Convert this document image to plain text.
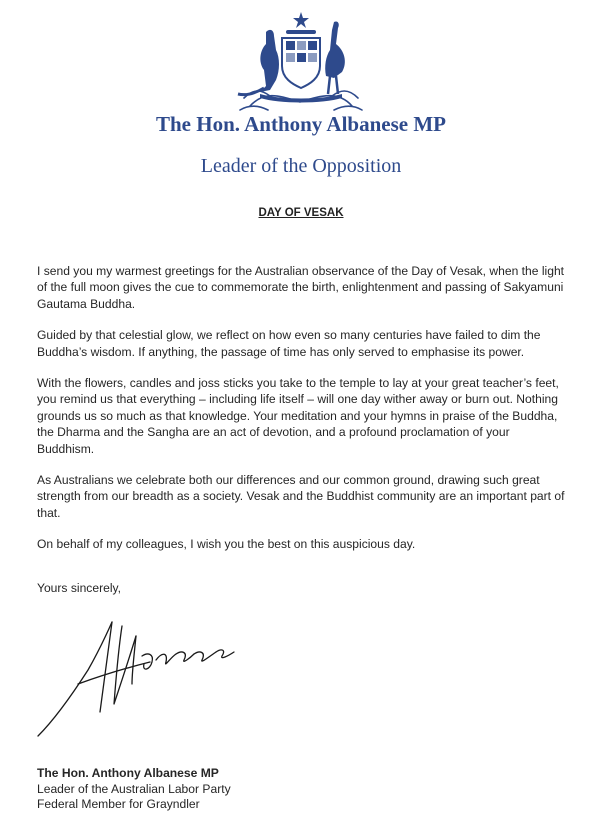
The Hon. Anthony Albanese MP
Leader of the Opposition
DAY OF VESAK

I send you my warmest greetings for the Australian observance of the Day of Vesak, when the light of the full moon gives the cue to commemorate the birth, enlightenment and passing of Sakyamuni Gautama Buddha.

Guided by that celestial glow, we reflect on how even so many centuries have failed to dim the Buddha’s wisdom. If anything, the passage of time has only served to emphasise its power.

With the flowers, candles and joss sticks you take to the temple to lay at your great teacher’s feet, you remind us that everything – including life itself – will one day wither away or burn out. Nothing grounds us so much as that knowledge. Your meditation and your hymns in praise of the Buddha, the Dharma and the Sangha are an act of devotion, and a profound proclamation of your Buddhism.

As Australians we celebrate both our differences and our common ground, drawing such great strength from our breadth as a society. Vesak and the Buddhist community are an important part of that.

On behalf of my colleagues, I wish you the best on this auspicious day.

Yours sincerely,
The Hon. Anthony Albanese MP
Leader of the Australian Labor Party
Federal Member for Grayndler
